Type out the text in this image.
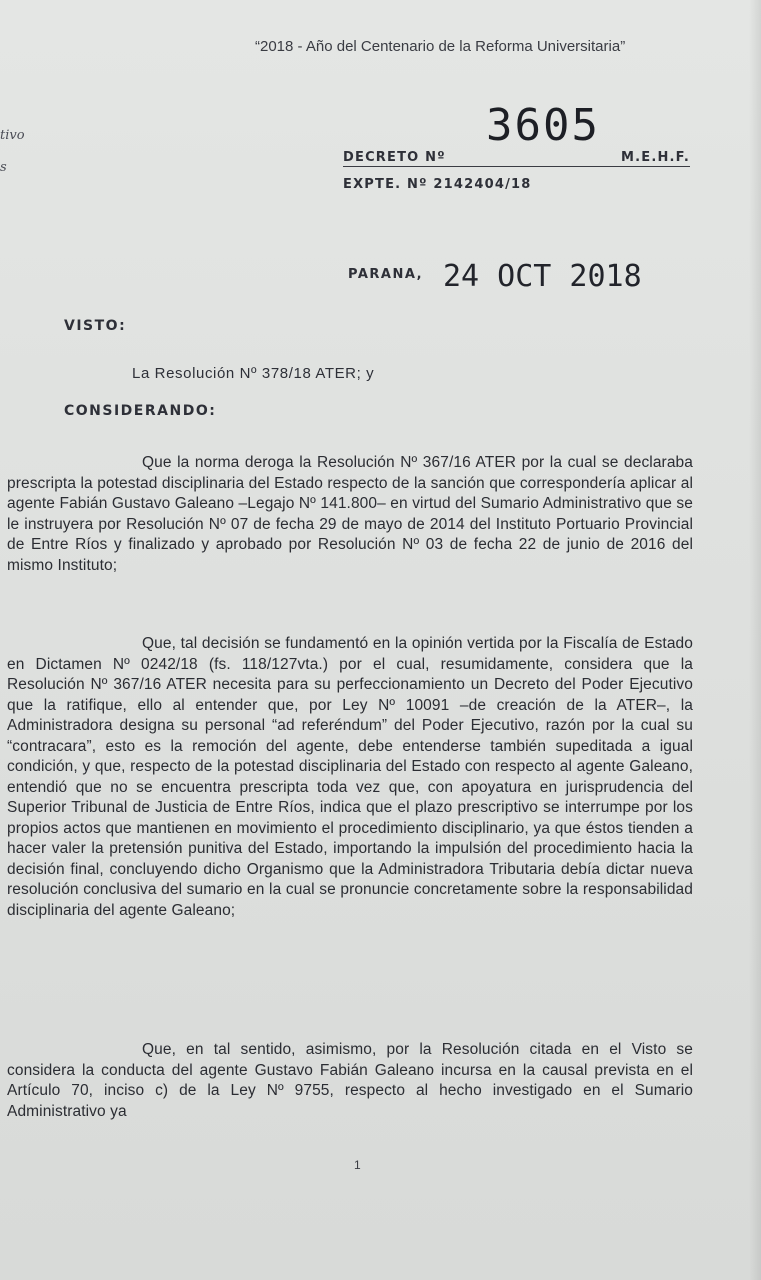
“2018 - Año del Centenario de la Reforma Universitaria”
tivo
s
3605
DECRETO Nº	M.E.H.F.
EXPTE. Nº 2142404/18
PARANA, 24 OCT 2018
VISTO:
La Resolución Nº 378/18 ATER; y
CONSIDERANDO:

Que la norma deroga la Resolución Nº 367/16 ATER por la cual se declaraba prescripta la potestad disciplinaria del Estado respecto de la sanción que correspondería aplicar al agente Fabián Gustavo Galeano –Legajo Nº 141.800– en virtud del Sumario Administrativo que se le instruyera por Resolución Nº 07 de fecha 29 de mayo de 2014 del Instituto Portuario Provincial de Entre Ríos y finalizado y aprobado por Resolución Nº 03 de fecha 22 de junio de 2016 del mismo Instituto;

Que, tal decisión se fundamentó en la opinión vertida por la Fiscalía de Estado en Dictamen Nº 0242/18 (fs. 118/127vta.) por el cual, resumidamente, considera que la Resolución Nº 367/16 ATER necesita para su perfeccionamiento un Decreto del Poder Ejecutivo que la ratifique, ello al entender que, por Ley Nº 10091 –de creación de la ATER–, la Administradora designa su personal “ad referéndum” del Poder Ejecutivo, razón por la cual su “contracara”, esto es la remoción del agente, debe entenderse también supeditada a igual condición, y que, respecto de la potestad disciplinaria del Estado con respecto al agente Galeano, entendió que no se encuentra prescripta toda vez que, con apoyatura en jurisprudencia del Superior Tribunal de Justicia de Entre Ríos, indica que el plazo prescriptivo se interrumpe por los propios actos que mantienen en movimiento el procedimiento disciplinario, ya que éstos tienden a hacer valer la pretensión punitiva del Estado, importando la impulsión del procedimiento hacia la decisión final, concluyendo dicho Organismo que la Administradora Tributaria debía dictar nueva resolución conclusiva del sumario en la cual se pronuncie concretamente sobre la responsabilidad disciplinaria del agente Galeano;

Que, en tal sentido, asimismo, por la Resolución citada en el Visto se considera la conducta del agente Gustavo Fabián Galeano incursa en la causal prevista en el Artículo 70, inciso c) de la Ley Nº 9755, respecto al hecho investigado en el Sumario Administrativo ya

1
